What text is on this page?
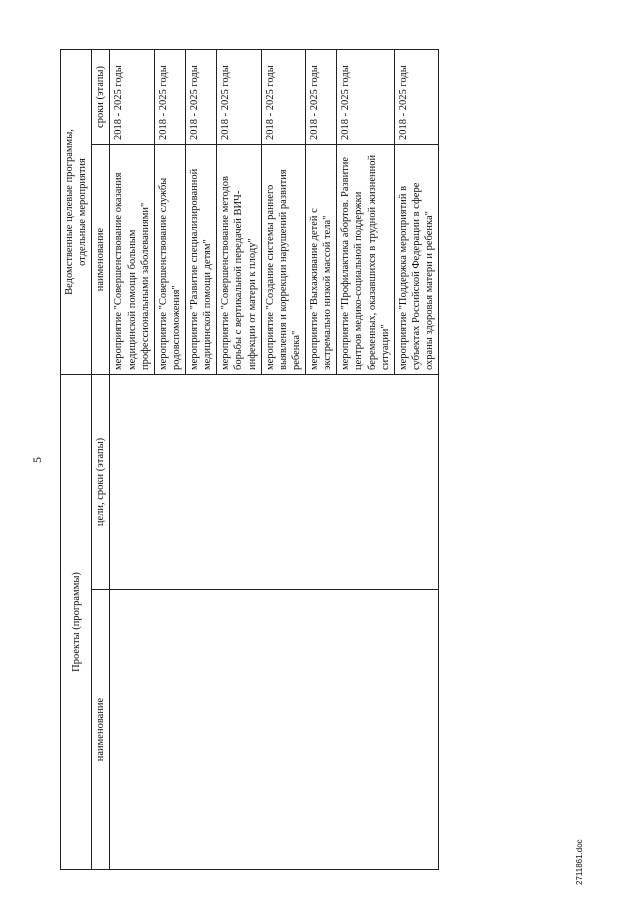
5
Проекты (программы)		Ведомственные целевые программы, отдельные мероприятия	
наименование	цели, сроки (этапы)	наименование	сроки (этапы)
		мероприятие "Совершенствование оказания медицинской помощи больным профессиональными заболеваниями"	2018 - 2025 годы
		мероприятие "Совершенствование службы родовспоможения"	2018 - 2025 годы
		мероприятие "Развитие специализированной медицинской помощи детям"	2018 - 2025 годы
		мероприятие "Совершенствование методов борьбы с вертикальной передачей ВИЧ-инфекции от матери к плоду"	2018 - 2025 годы
		мероприятие "Создание системы раннего выявления и коррекции нарушений развития ребенка"	2018 - 2025 годы
		мероприятие "Выхаживание детей с экстремально низкой массой тела"	2018 - 2025 годы
		мероприятие "Профилактика абортов. Развитие центров медико-социальной поддержки беременных, оказавшихся в трудной жизненной ситуации"	2018 - 2025 годы
		мероприятие "Поддержка мероприятий в субъектах Российской Федерации в сфере охраны здоровья матери и ребенка"	2018 - 2025 годы
2711861.doc
